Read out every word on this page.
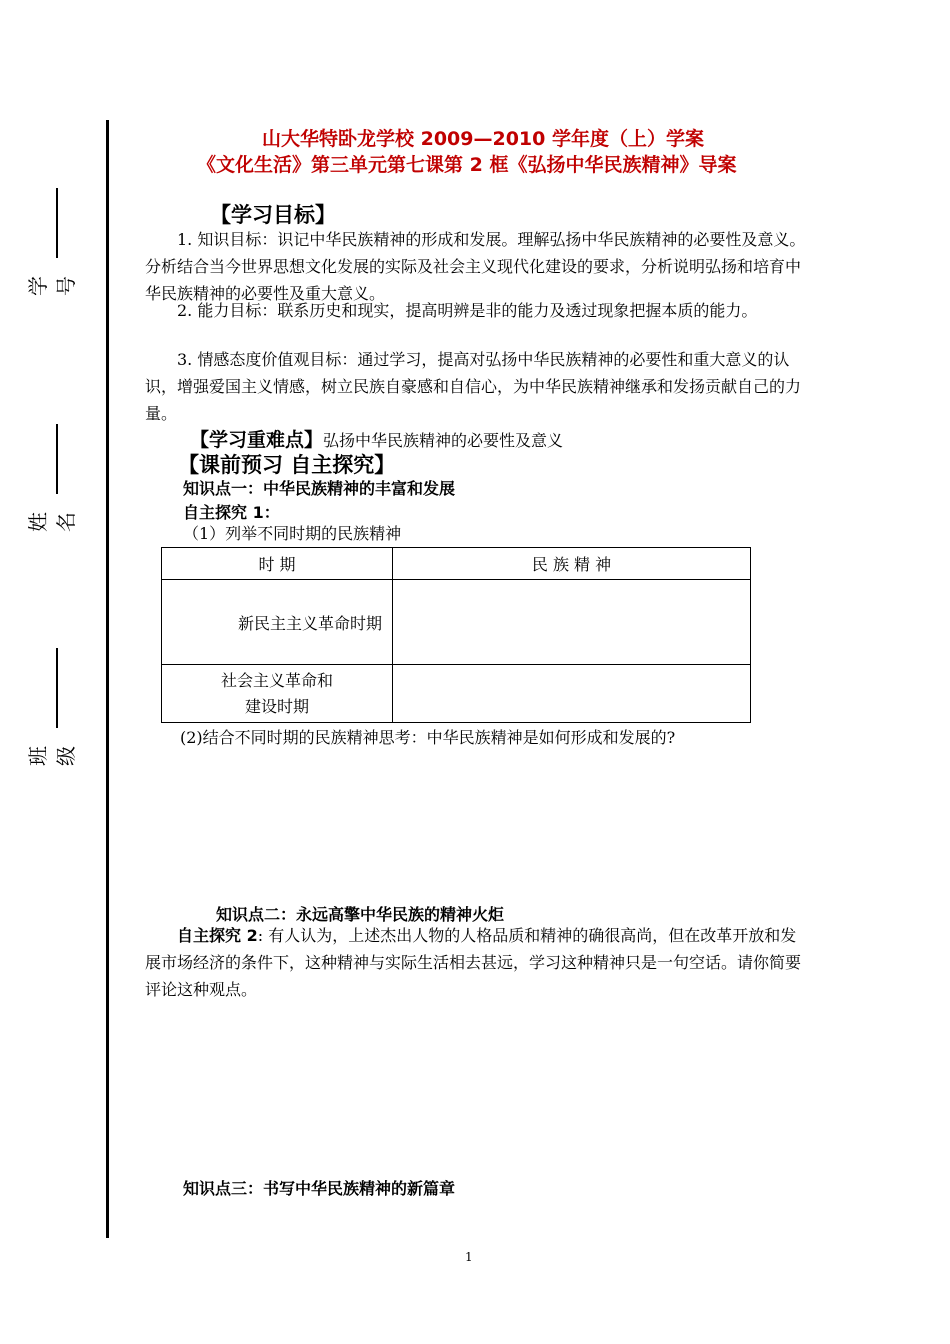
学号
姓名
班级
山大华特卧龙学校 2009—2010 学年度（上）学案
《文化生活》第三单元第七课第 2 框《弘扬中华民族精神》导案
【学习目标】
1. 知识目标：识记中华民族精神的形成和发展。理解弘扬中华民族精神的必要性及意义。分析结合当今世界思想文化发展的实际及社会主义现代化建设的要求，分析说明弘扬和培育中华民族精神的必要性及重大意义。
2. 能力目标：联系历史和现实，提高明辨是非的能力及透过现象把握本质的能力。
3. 情感态度价值观目标：通过学习，提高对弘扬中华民族精神的必要性和重大意义的认识，增强爱国主义情感，树立民族自豪感和自信心，为中华民族精神继承和发扬贡献自己的力量。
【学习重难点】弘扬中华民族精神的必要性及意义
【课前预习 自主探究】
知识点一：中华民族精神的丰富和发展
自主探究 1：
（1）列举不同时期的民族精神
时 期	民 族 精 神
新民主主义革命时期	

社会主义革命和
建设时期	

(2)结合不同时期的民族精神思考：中华民族精神是如何形成和发展的?
知识点二：永远高擎中华民族的精神火炬
自主探究 2: 有人认为，上述杰出人物的人格品质和精神的确很高尚，但在改革开放和发展市场经济的条件下，这种精神与实际生活相去甚远，学习这种精神只是一句空话。请你简要评论这种观点。
知识点三：书写中华民族精神的新篇章
1
